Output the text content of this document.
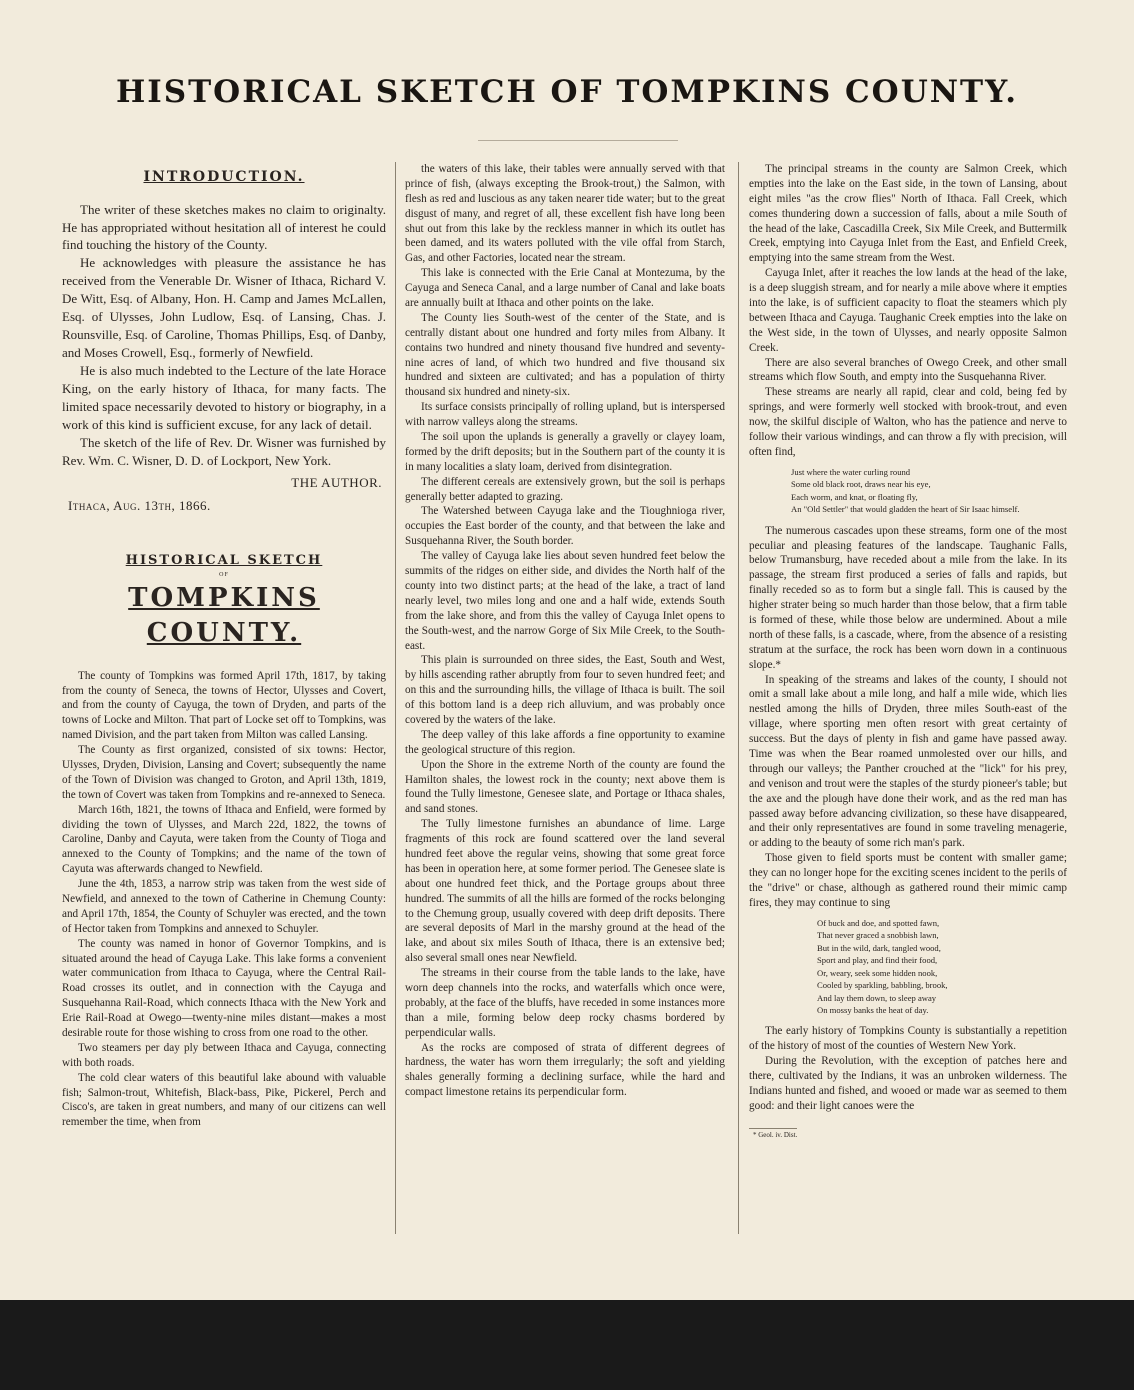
HISTORICAL SKETCH OF TOMPKINS COUNTY.
INTRODUCTION.

The writer of these sketches makes no claim to originalty. He has appropriated without hesitation all of interest he could find touching the history of the County.

He acknowledges with pleasure the assistance he has received from the Venerable Dr. Wisner of Ithaca, Richard V. De Witt, Esq. of Albany, Hon. H. Camp and James McLallen, Esq. of Ulysses, John Ludlow, Esq. of Lansing, Chas. J. Rounsville, Esq. of Caroline, Thomas Phillips, Esq. of Danby, and Moses Crowell, Esq., formerly of Newfield.

He is also much indebted to the Lecture of the late Horace King, on the early history of Ithaca, for many facts. The limited space necessarily devoted to history or biography, in a work of this kind is sufficient excuse, for any lack of detail.

The sketch of the life of Rev. Dr. Wisner was furnished by Rev. Wm. C. Wisner, D. D. of Lockport, New York.

THE AUTHOR.
Ithaca, Aug. 13th, 1866.
HISTORICAL SKETCH
OF
TOMPKINS COUNTY.

The county of Tompkins was formed April 17th, 1817, by taking from the county of Seneca, the towns of Hector, Ulysses and Covert, and from the county of Cayuga, the town of Dryden, and parts of the towns of Locke and Milton. That part of Locke set off to Tompkins, was named Division, and the part taken from Milton was called Lansing.

The County as first organized, consisted of six towns: Hector, Ulysses, Dryden, Division, Lansing and Covert; subsequently the name of the Town of Division was changed to Groton, and April 13th, 1819, the town of Covert was taken from Tompkins and re-annexed to Seneca.

March 16th, 1821, the towns of Ithaca and Enfield, were formed by dividing the town of Ulysses, and March 22d, 1822, the towns of Caroline, Danby and Cayuta, were taken from the County of Tioga and annexed to the County of Tompkins; and the name of the town of Cayuta was afterwards changed to Newfield.

June the 4th, 1853, a narrow strip was taken from the west side of Newfield, and annexed to the town of Catherine in Chemung County: and April 17th, 1854, the County of Schuyler was erected, and the town of Hector taken from Tompkins and annexed to Schuyler.

The county was named in honor of Governor Tompkins, and is situated around the head of Cayuga Lake. This lake forms a convenient water communication from Ithaca to Cayuga, where the Central Rail-Road crosses its outlet, and in connection with the Cayuga and Susquehanna Rail-Road, which connects Ithaca with the New York and Erie Rail-Road at Owego—twenty-nine miles distant—makes a most desirable route for those wishing to cross from one road to the other.

Two steamers per day ply between Ithaca and Cayuga, connecting with both roads.

The cold clear waters of this beautiful lake abound with valuable fish; Salmon-trout, Whitefish, Black-bass, Pike, Pickerel, Perch and Cisco's, are taken in great numbers, and many of our citizens can well remember the time, when from

the waters of this lake, their tables were annually served with that prince of fish, (always excepting the Brook-trout,) the Salmon, with flesh as red and luscious as any taken nearer tide water; but to the great disgust of many, and regret of all, these excellent fish have long been shut out from this lake by the reckless manner in which its outlet has been damed, and its waters polluted with the vile offal from Starch, Gas, and other Factories, located near the stream.

This lake is connected with the Erie Canal at Montezuma, by the Cayuga and Seneca Canal, and a large number of Canal and lake boats are annually built at Ithaca and other points on the lake.

The County lies South-west of the center of the State, and is centrally distant about one hundred and forty miles from Albany. It contains two hundred and ninety thousand five hundred and seventy-nine acres of land, of which two hundred and five thousand six hundred and sixteen are cultivated; and has a population of thirty thousand six hundred and ninety-six.

Its surface consists principally of rolling upland, but is interspersed with narrow valleys along the streams.

The soil upon the uplands is generally a gravelly or clayey loam, formed by the drift deposits; but in the Southern part of the county it is in many localities a slaty loam, derived from disintegration.

The different cereals are extensively grown, but the soil is perhaps generally better adapted to grazing.

The Watershed between Cayuga lake and the Tioughnioga river, occupies the East border of the county, and that between the lake and Susquehanna River, the South border.

The valley of Cayuga lake lies about seven hundred feet below the summits of the ridges on either side, and divides the North half of the county into two distinct parts; at the head of the lake, a tract of land nearly level, two miles long and one and a half wide, extends South from the lake shore, and from this the valley of Cayuga Inlet opens to the South-west, and the narrow Gorge of Six Mile Creek, to the South-east.

This plain is surrounded on three sides, the East, South and West, by hills ascending rather abruptly from four to seven hundred feet; and on this and the surrounding hills, the village of Ithaca is built. The soil of this bottom land is a deep rich alluvium, and was probably once covered by the waters of the lake.

The deep valley of this lake affords a fine opportunity to examine the geological structure of this region.

Upon the Shore in the extreme North of the county are found the Hamilton shales, the lowest rock in the county; next above them is found the Tully limestone, Genesee slate, and Portage or Ithaca shales, and sand stones.

The Tully limestone furnishes an abundance of lime. Large fragments of this rock are found scattered over the land several hundred feet above the regular veins, showing that some great force has been in operation here, at some former period. The Genesee slate is about one hundred feet thick, and the Portage groups about three hundred. The summits of all the hills are formed of the rocks belonging to the Chemung group, usually covered with deep drift deposits. There are several deposits of Marl in the marshy ground at the head of the lake, and about six miles South of Ithaca, there is an extensive bed; also several small ones near Newfield.

The streams in their course from the table lands to the lake, have worn deep channels into the rocks, and waterfalls which once were, probably, at the face of the bluffs, have receded in some instances more than a mile, forming below deep rocky chasms bordered by perpendicular walls.

As the rocks are composed of strata of different degrees of hardness, the water has worn them irregularly; the soft and yielding shales generally forming a declining surface, while the hard and compact limestone retains its perpendicular form.

The principal streams in the county are Salmon Creek, which empties into the lake on the East side, in the town of Lansing, about eight miles "as the crow flies" North of Ithaca. Fall Creek, which comes thundering down a succession of falls, about a mile South of the head of the lake, Cascadilla Creek, Six Mile Creek, and Buttermilk Creek, emptying into Cayuga Inlet from the East, and Enfield Creek, emptying into the same stream from the West.

Cayuga Inlet, after it reaches the low lands at the head of the lake, is a deep sluggish stream, and for nearly a mile above where it empties into the lake, is of sufficient capacity to float the steamers which ply between Ithaca and Cayuga. Taughanic Creek empties into the lake on the West side, in the town of Ulysses, and nearly opposite Salmon Creek.

There are also several branches of Owego Creek, and other small streams which flow South, and empty into the Susquehanna River.

These streams are nearly all rapid, clear and cold, being fed by springs, and were formerly well stocked with brook-trout, and even now, the skilful disciple of Walton, who has the patience and nerve to follow their various windings, and can throw a fly with precision, will often find,

Just where the water curling round
Some old black root, draws near his eye,
Each worm, and knat, or floating fly,
An "Old Settler" that would gladden the heart of Sir Isaac himself.

The numerous cascades upon these streams, form one of the most peculiar and pleasing features of the landscape. Taughanic Falls, below Trumansburg, have receded about a mile from the lake. In its passage, the stream first produced a series of falls and rapids, but finally receded so as to form but a single fall. This is caused by the higher strater being so much harder than those below, that a firm table is formed of these, while those below are undermined. About a mile north of these falls, is a cascade, where, from the absence of a resisting stratum at the surface, the rock has been worn down in a continuous slope.*

In speaking of the streams and lakes of the county, I should not omit a small lake about a mile long, and half a mile wide, which lies nestled among the hills of Dryden, three miles South-east of the village, where sporting men often resort with great certainty of success. But the days of plenty in fish and game have passed away. Time was when the Bear roamed unmolested over our hills, and through our valleys; the Panther crouched at the "lick" for his prey, and venison and trout were the staples of the sturdy pioneer's table; but the axe and the plough have done their work, and as the red man has passed away before advancing civilization, so these have disappeared, and their only representatives are found in some traveling menagerie, or adding to the beauty of some rich man's park.

Those given to field sports must be content with smaller game; they can no longer hope for the exciting scenes incident to the perils of the "drive" or chase, although as gathered round their mimic camp fires, they may continue to sing

Of buck and doe, and spotted fawn,
That never graced a snobbish lawn,
But in the wild, dark, tangled wood,
Sport and play, and find their food,
Or, weary, seek some hidden nook,
Cooled by sparkling, babbling, brook,
And lay them down, to sleep away
On mossy banks the heat of day.

The early history of Tompkins County is substantially a repetition of the history of most of the counties of Western New York.

During the Revolution, with the exception of patches here and there, cultivated by the Indians, it was an unbroken wilderness. The Indians hunted and fished, and wooed or made war as seemed to them good: and their light canoes were the

* Geol. iv. Dist.
